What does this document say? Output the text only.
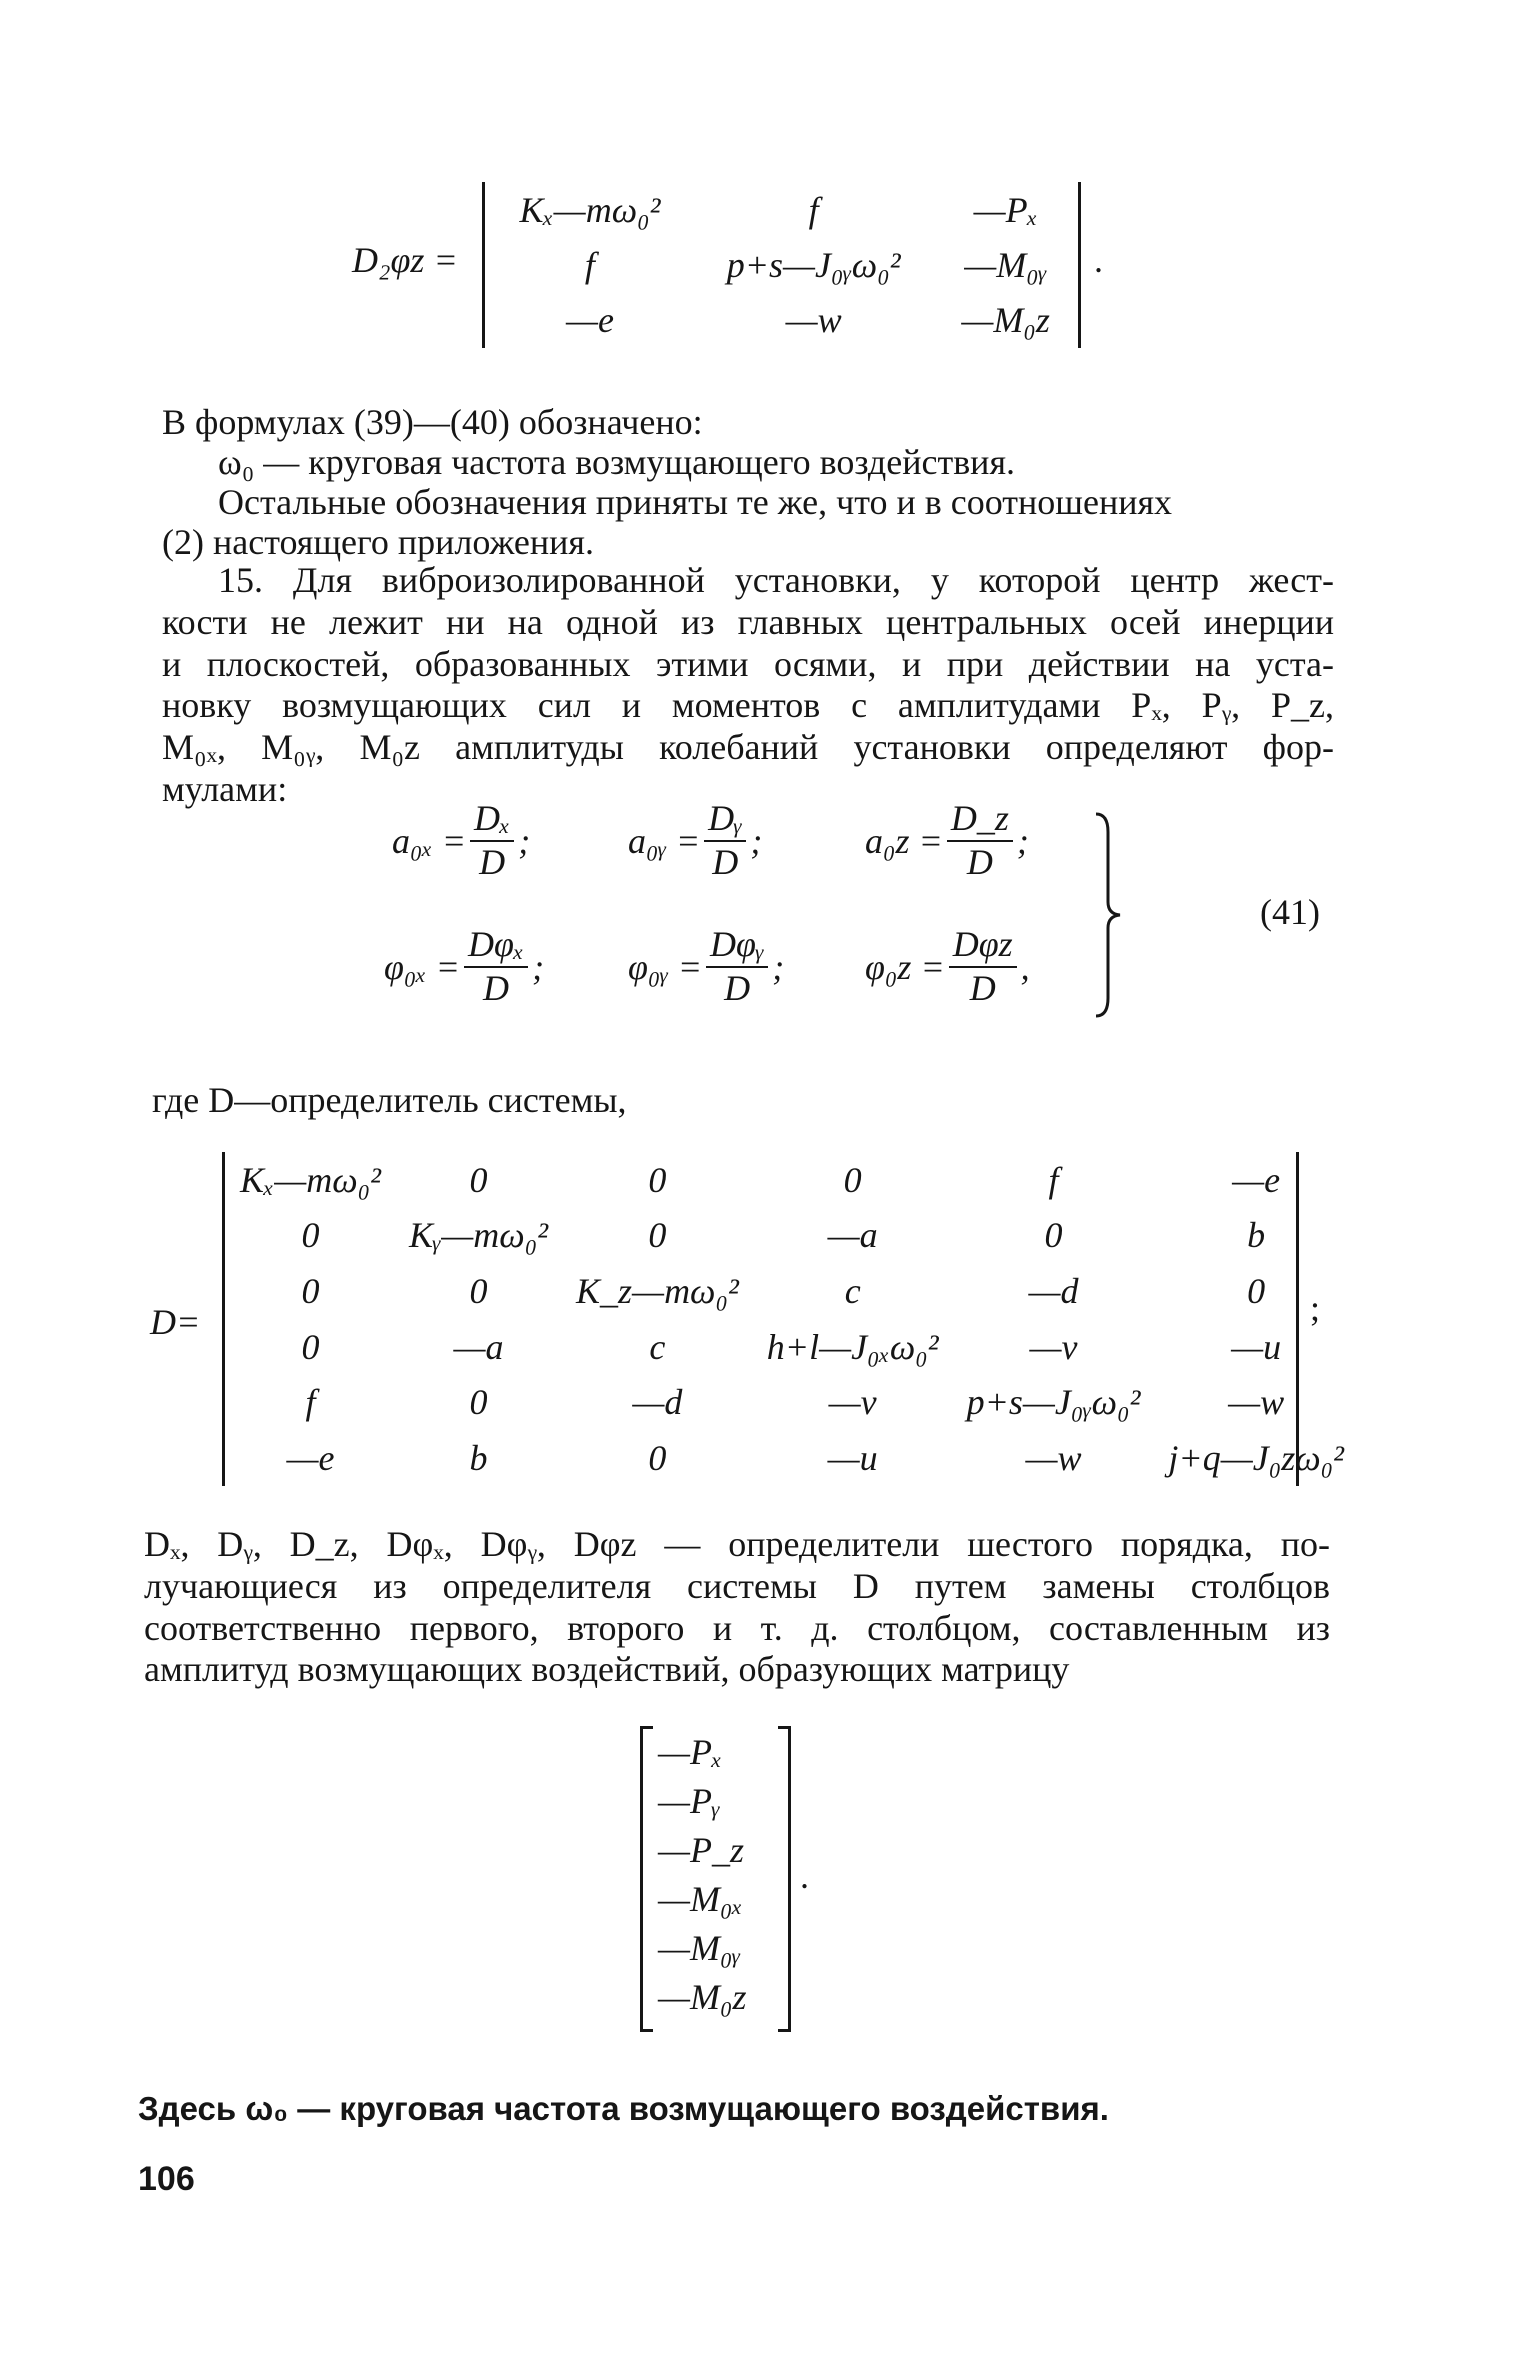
D₂φz =
Kₓ—mω₀²	f	—Pₓ
f	p+s—J₀ᵧω₀²	—M₀ᵧ
—e	—w	—M₀z
.
В формулах (39)—(40) обозначено:
ω₀ — круговая частота возмущающего воздействия.
Остальные обозначения приняты те же, что и в соотношениях
(2) настоящего приложения.
15. Для виброизолированной установки, у которой центр жест-
кости не лежит ни на одной из главных центральных осей инерции
и плоскостей, образованных этими осями, и при действии на уста-
новку возмущающих сил и моментов с амплитудами Pₓ, Pᵧ, P_z,
M₀ₓ, M₀ᵧ, M₀z амплитуды колебаний установки определяют фор-
мулами:
$a_{0x} = \frac{\text{Dₓ}}{D}$ ;	a₀ᵧ = $\frac{\text{Dᵧ}}{D}$ ;	$a_0z = \frac{D\_z}{D}$ ;
$\varphi_{0x} = \frac{\text{Dφₓ}}{D}$ ; φ₀ᵧ = $\frac{\text{Dφᵧ}}{D}$ ; $\varphi_0z = \frac{\text{Dφz}}{D}$ ,
(41)
где D—определитель системы,
D=
Kₓ—mω₀²	0	0	0	f	—e
0	Kᵧ—mω₀²	0	—a	0	b
0	0	K_z—mω₀²	c	—d	0
0	—a	c	h+l—J₀ₓω₀²	—v	—u
f	0	—d	—v	p+s—J₀ᵧω₀²	—w
—e	b	0	—u	—w	j+q—J₀zω₀²
;
Dₓ, Dᵧ, D_z, Dφₓ, Dφᵧ, Dφz — определители шестого порядка, по-
лучающиеся из определителя системы D путем замены столбцов
соответственно первого, второго и т. д. столбцом, составленным из
амплитуд возмущающих воздействий, образующих матрицу
—Pₓ
—Pᵧ
—P_z
—M₀ₓ
—M₀ᵧ
—M₀z
.
Здесь ω₀ — круговая частота возмущающего воздействия.
106
